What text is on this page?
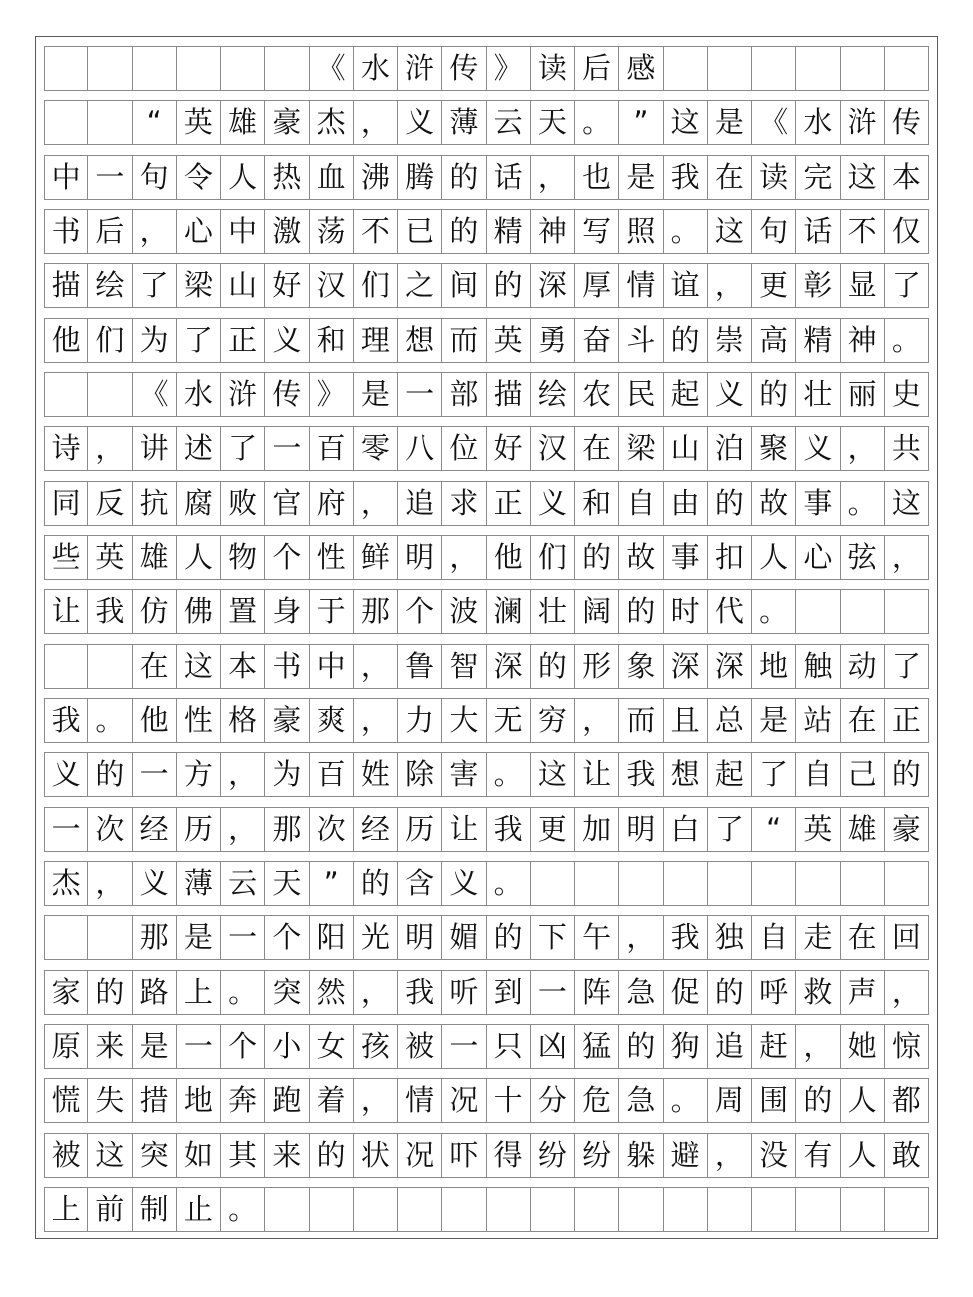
《 水 浒 传 》 读 后 感
“ 英 雄 豪 杰 ， 义 薄 云 天 。 ” 这 是 《 水 浒 传
中 一 句 令 人 热 血 沸 腾 的 话 ， 也 是 我 在 读 完 这 本
书 后 ， 心 中 激 荡 不 已 的 精 神 写 照 。 这 句 话 不 仅
描 绘 了 梁 山 好 汉 们 之 间 的 深 厚 情 谊 ， 更 彰 显 了
他 们 为 了 正 义 和 理 想 而 英 勇 奋 斗 的 崇 高 精 神 。
《 水 浒 传 》 是 一 部 描 绘 农 民 起 义 的 壮 丽 史
诗 ， 讲 述 了 一 百 零 八 位 好 汉 在 梁 山 泊 聚 义 ， 共
同 反 抗 腐 败 官 府 ， 追 求 正 义 和 自 由 的 故 事 。 这
些 英 雄 人 物 个 性 鲜 明 ， 他 们 的 故 事 扣 人 心 弦 ，
让 我 仿 佛 置 身 于 那 个 波 澜 壮 阔 的 时 代 。
在 这 本 书 中 ， 鲁 智 深 的 形 象 深 深 地 触 动 了
我 。 他 性 格 豪 爽 ， 力 大 无 穷 ， 而 且 总 是 站 在 正
义 的 一 方 ， 为 百 姓 除 害 。 这 让 我 想 起 了 自 己 的
一 次 经 历 ， 那 次 经 历 让 我 更 加 明 白 了 “ 英 雄 豪
杰 ， 义 薄 云 天 ” 的 含 义 。
那 是 一 个 阳 光 明 媚 的 下 午 ， 我 独 自 走 在 回
家 的 路 上 。 突 然 ， 我 听 到 一 阵 急 促 的 呼 救 声 ，
原 来 是 一 个 小 女 孩 被 一 只 凶 猛 的 狗 追 赶 ， 她 惊
慌 失 措 地 奔 跑 着 ， 情 况 十 分 危 急 。 周 围 的 人 都
被 这 突 如 其 来 的 状 况 吓 得 纷 纷 躲 避 ， 没 有 人 敢
上 前 制 止 。
